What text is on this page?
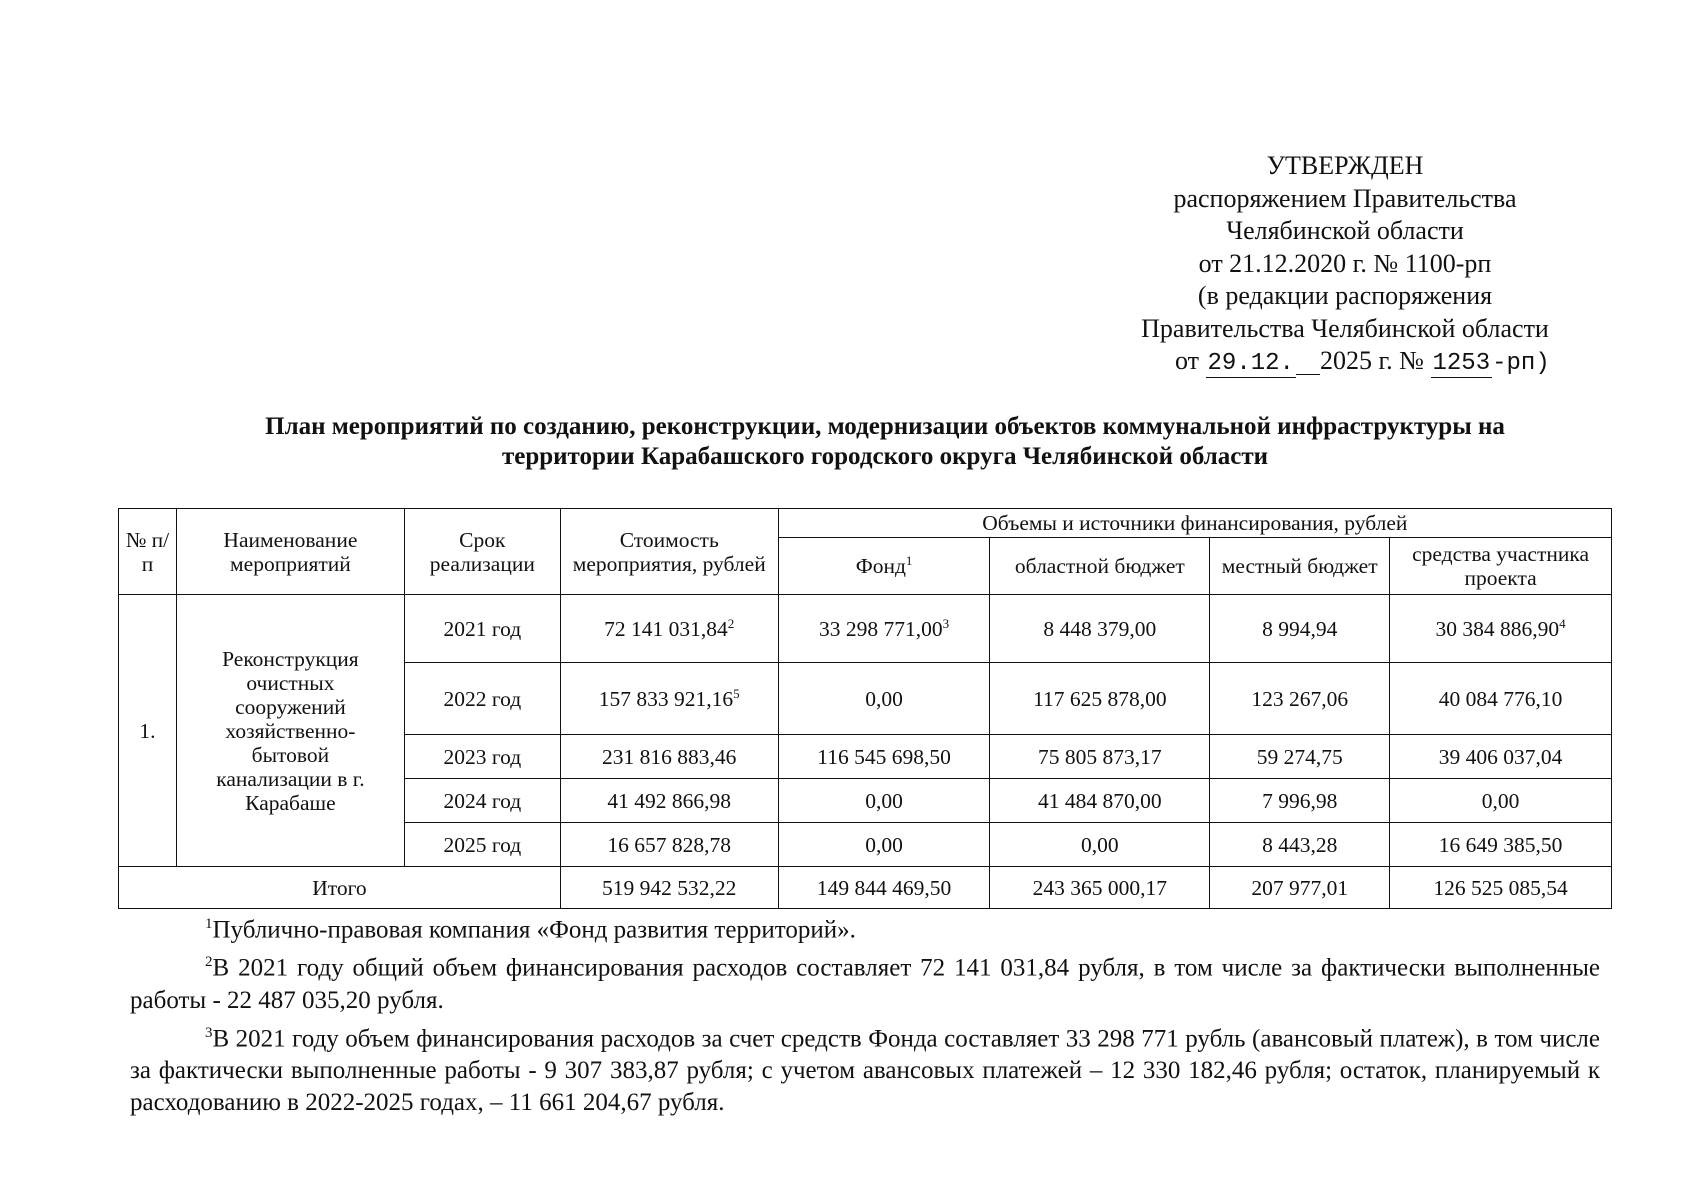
УТВЕРЖДЕН
распоряжением Правительства
Челябинской области
от 21.12.2020 г. № 1100-рп
(в редакции распоряжения
Правительства Челябинской области
от 29.12. 2025 г. № 1253-рп)
План мероприятий по созданию, реконструкции, модернизации объектов коммунальной инфраструктуры на
территории Карабашского городского округа Челябинской области
№ п/п	Наименование мероприятий	Срок реализации	Стоимость мероприятия, рублей	Объемы и источники финансирования, рублей			
				Фонд$^1$	областной бюджет	местный бюджет	средства участника проекта
1.	Реконструкция очистных сооружений хозяйственно-бытовой канализации в г. Карабаше	2021 год	72 141 031,84$^2$	33 298 771,00$^3$	8 448 379,00	8 994,94	30 384 886,90$^4$
		2022 год	157 833 921,16$^5$	0,00	117 625 878,00	123 267,06	40 084 776,10
		2023 год	231 816 883,46	116 545 698,50	75 805 873,17	59 274,75	39 406 037,04
		2024 год	41 492 866,98	0,00	41 484 870,00	7 996,98	0,00
		2025 год	16 657 828,78	0,00	0,00	8 443,28	16 649 385,50
Итого			519 942 532,22	149 844 469,50	243 365 000,17	207 977,01	126 525 085,54

$^1$Публично-правовая компания «Фонд развития территорий».

$^2$В 2021 году общий объем финансирования расходов составляет 72 141 031,84 рубля, в том числе за фактически выполненные работы - 22 487 035,20 рубля.

$^3$В 2021 году объем финансирования расходов за счет средств Фонда составляет 33 298 771 рубль (авансовый платеж), в том числе за фактически выполненные работы - 9 307 383,87 рубля; с учетом авансовых платежей – 12 330 182,46 рубля; остаток, планируемый к расходованию в 2022-2025 годах, – 11 661 204,67 рубля.
